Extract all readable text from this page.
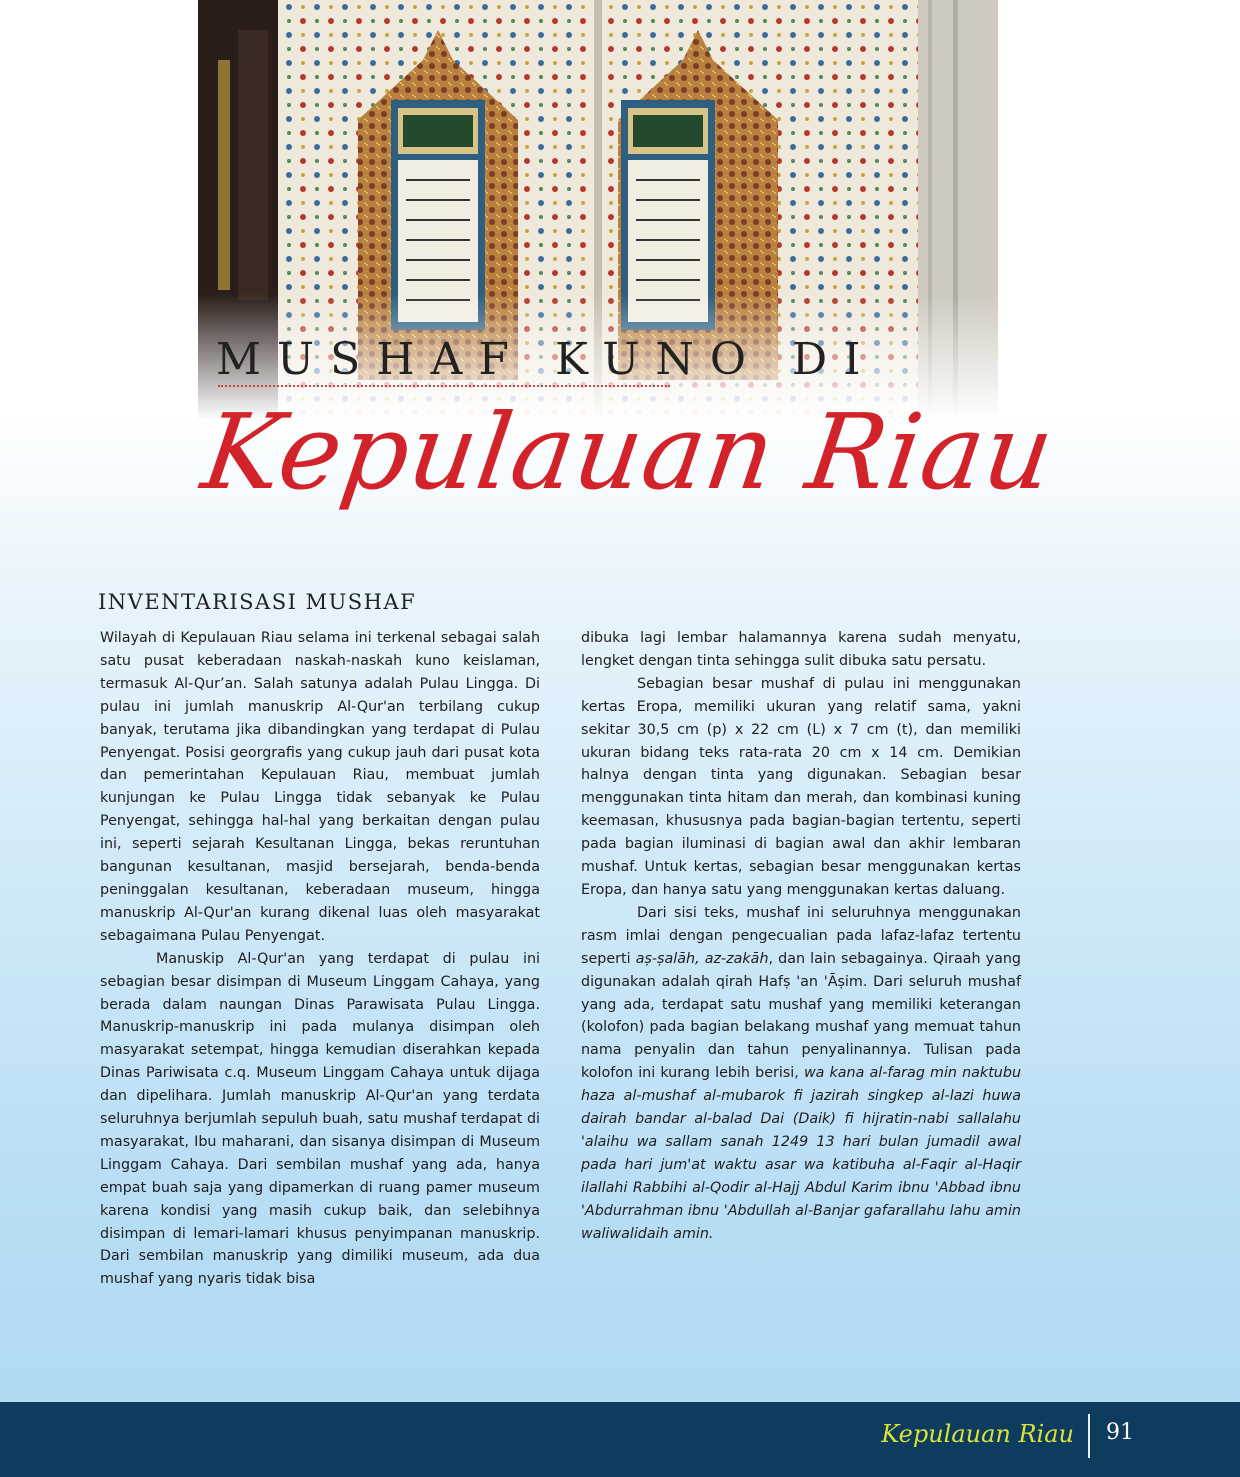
MUSHAF KUNO DI
Kepulauan Riau
INVENTARISASI MUSHAF

Wilayah di Kepulauan Riau selama ini terkenal sebagai salah satu pusat keberadaan naskah-naskah kuno keislaman, termasuk Al-Qur’an. Salah satunya adalah Pulau Lingga. Di pulau ini jumlah manuskrip Al-Qur'an terbilang cukup banyak, terutama jika dibandingkan yang terdapat di Pulau Penyengat. Posisi georgrafis yang cukup jauh dari pusat kota dan pemerintahan Kepulauan Riau, membuat jumlah kunjungan ke Pulau Lingga tidak sebanyak ke Pulau Penyengat, sehingga hal-hal yang berkaitan dengan pulau ini, seperti sejarah Kesultanan Lingga, bekas reruntuhan bangunan kesultanan, masjid bersejarah, benda-benda peninggalan kesultanan, keberadaan museum, hingga manuskrip Al-Qur'an kurang dikenal luas oleh masyarakat sebagaimana Pulau Penyengat.

Manuskip Al-Qur'an yang terdapat di pulau ini sebagian besar disimpan di Museum Linggam Cahaya, yang berada dalam naungan Dinas Parawisata Pulau Lingga. Manuskrip-manuskrip ini pada mulanya disimpan oleh masyarakat setempat, hingga kemudian diserahkan kepada Dinas Pariwisata c.q. Museum Linggam Cahaya untuk dijaga dan dipelihara. Jumlah manuskrip Al-Qur'an yang terdata seluruhnya berjumlah sepuluh buah, satu mushaf terdapat di masyarakat, Ibu maharani, dan sisanya disimpan di Museum Linggam Cahaya. Dari sembilan mushaf yang ada, hanya empat buah saja yang dipamerkan di ruang pamer museum karena kondisi yang masih cukup baik, dan selebihnya disimpan di lemari-lamari khusus penyimpanan manuskrip. Dari sembilan manuskrip yang dimiliki museum, ada dua mushaf yang nyaris tidak bisa

dibuka lagi lembar halamannya karena sudah menyatu, lengket dengan tinta sehingga sulit dibuka satu persatu.

Sebagian besar mushaf di pulau ini menggunakan kertas Eropa, memiliki ukuran yang relatif sama, yakni sekitar 30,5 cm (p) x 22 cm (L) x 7 cm (t), dan memiliki ukuran bidang teks rata-rata 20 cm x 14 cm. Demikian halnya dengan tinta yang digunakan. Sebagian besar menggunakan tinta hitam dan merah, dan kombinasi kuning keemasan, khususnya pada bagian-bagian tertentu, seperti pada bagian iluminasi di bagian awal dan akhir lembaran mushaf. Untuk kertas, sebagian besar menggunakan kertas Eropa, dan hanya satu yang menggunakan kertas daluang.

Dari sisi teks, mushaf ini seluruhnya menggunakan rasm imlai dengan pengecualian pada lafaz-lafaz tertentu seperti aṣ-ṣalāh, az-zakāh, dan lain sebagainya. Qiraah yang digunakan adalah qirah Hafṣ 'an 'Āṣim. Dari seluruh mushaf yang ada, terdapat satu mushaf yang memiliki keterangan (kolofon) pada bagian belakang mushaf yang memuat tahun nama penyalin dan tahun penyalinannya. Tulisan pada kolofon ini kurang lebih berisi, wa kana al-farag min naktubu haza al-mushaf al-mubarok fi jazirah singkep al-lazi huwa dairah bandar al-balad Dai (Daik) fi hijratin-nabi sallalahu 'alaihu wa sallam sanah 1249 13 hari bulan jumadil awal pada hari jum'at waktu asar wa katibuha al-Faqir al-Haqir ilallahi Rabbihi al-Qodir al-Hajj Abdul Karim ibnu 'Abbad ibnu 'Abdurrahman ibnu 'Abdullah al-Banjar gafarallahu lahu amin waliwalidaih amin.

Kepulauan Riau 91
